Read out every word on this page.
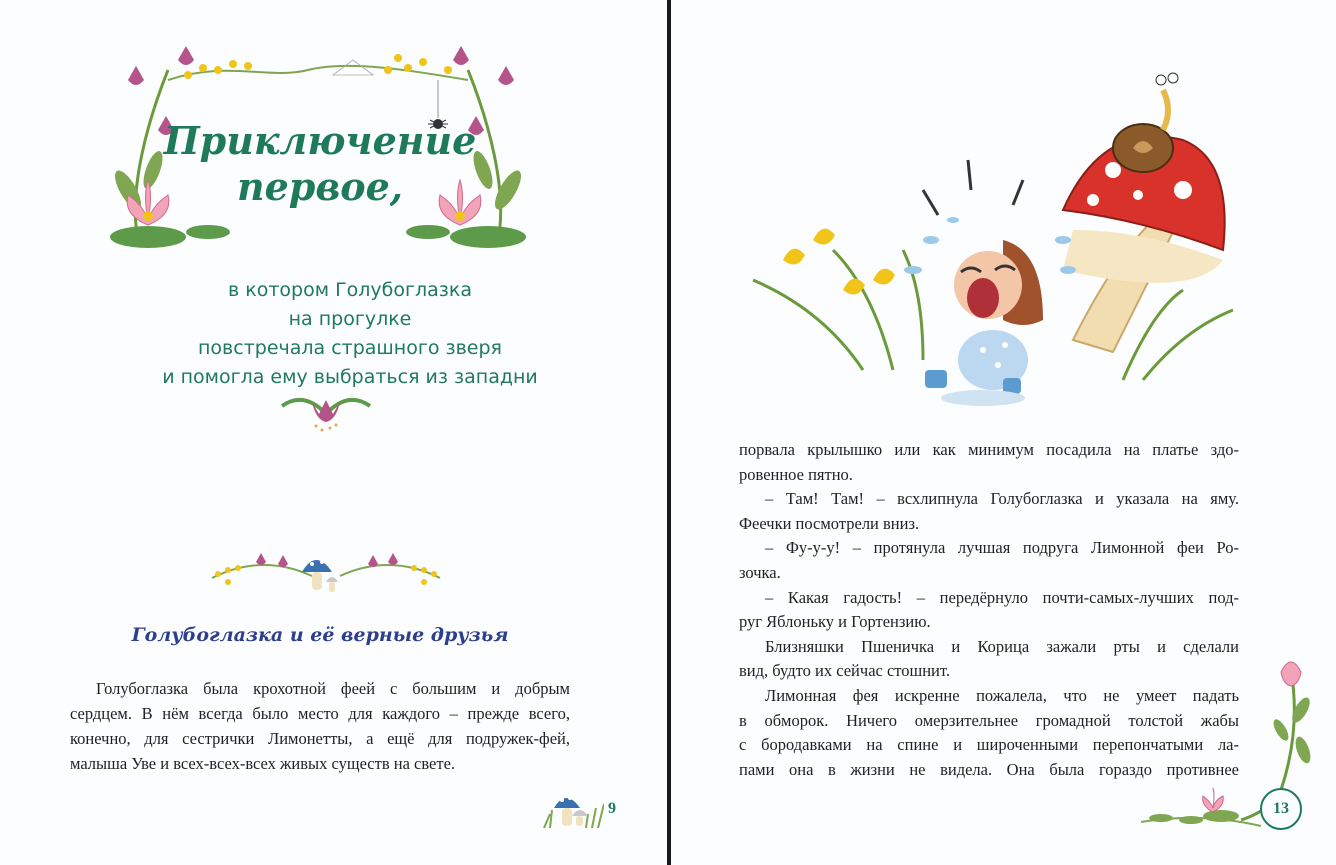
Приключение
первое,
в котором Голубоглазка
на прогулке
повстречала страшного зверя
и помогла ему выбраться из западни
Голубоглазка и её верные друзья
Голубоглазка была крохотной феей с большим и добрым
сердцем. В нём всегда было место для каждого – прежде всего,
конечно, для сестрички Лимонетты, а ещё для подружек-фей,
малыша Уве и всех-всех-всех живых существ на свете.
9
порвала крылышко или как минимум посадила на платье здо-
ровенное пятно.
– Там! Там! – всхлипнула Голубоглазка и указала на яму.
Феечки посмотрели вниз.
– Фу-у-у! – протянула лучшая подруга Лимонной феи Ро-
зочка.
– Какая гадость! – передёрнуло почти-самых-лучших под-
руг Яблоньку и Гортензию.
Близняшки Пшеничка и Корица зажали рты и сделали
вид, будто их сейчас стошнит.
Лимонная фея искренне пожалела, что не умеет падать
в обморок. Ничего омерзительнее громадной толстой жабы
с бородавками на спине и широченными перепончатыми ла-
пами она в жизни не видела. Она была гораздо противнее
13
